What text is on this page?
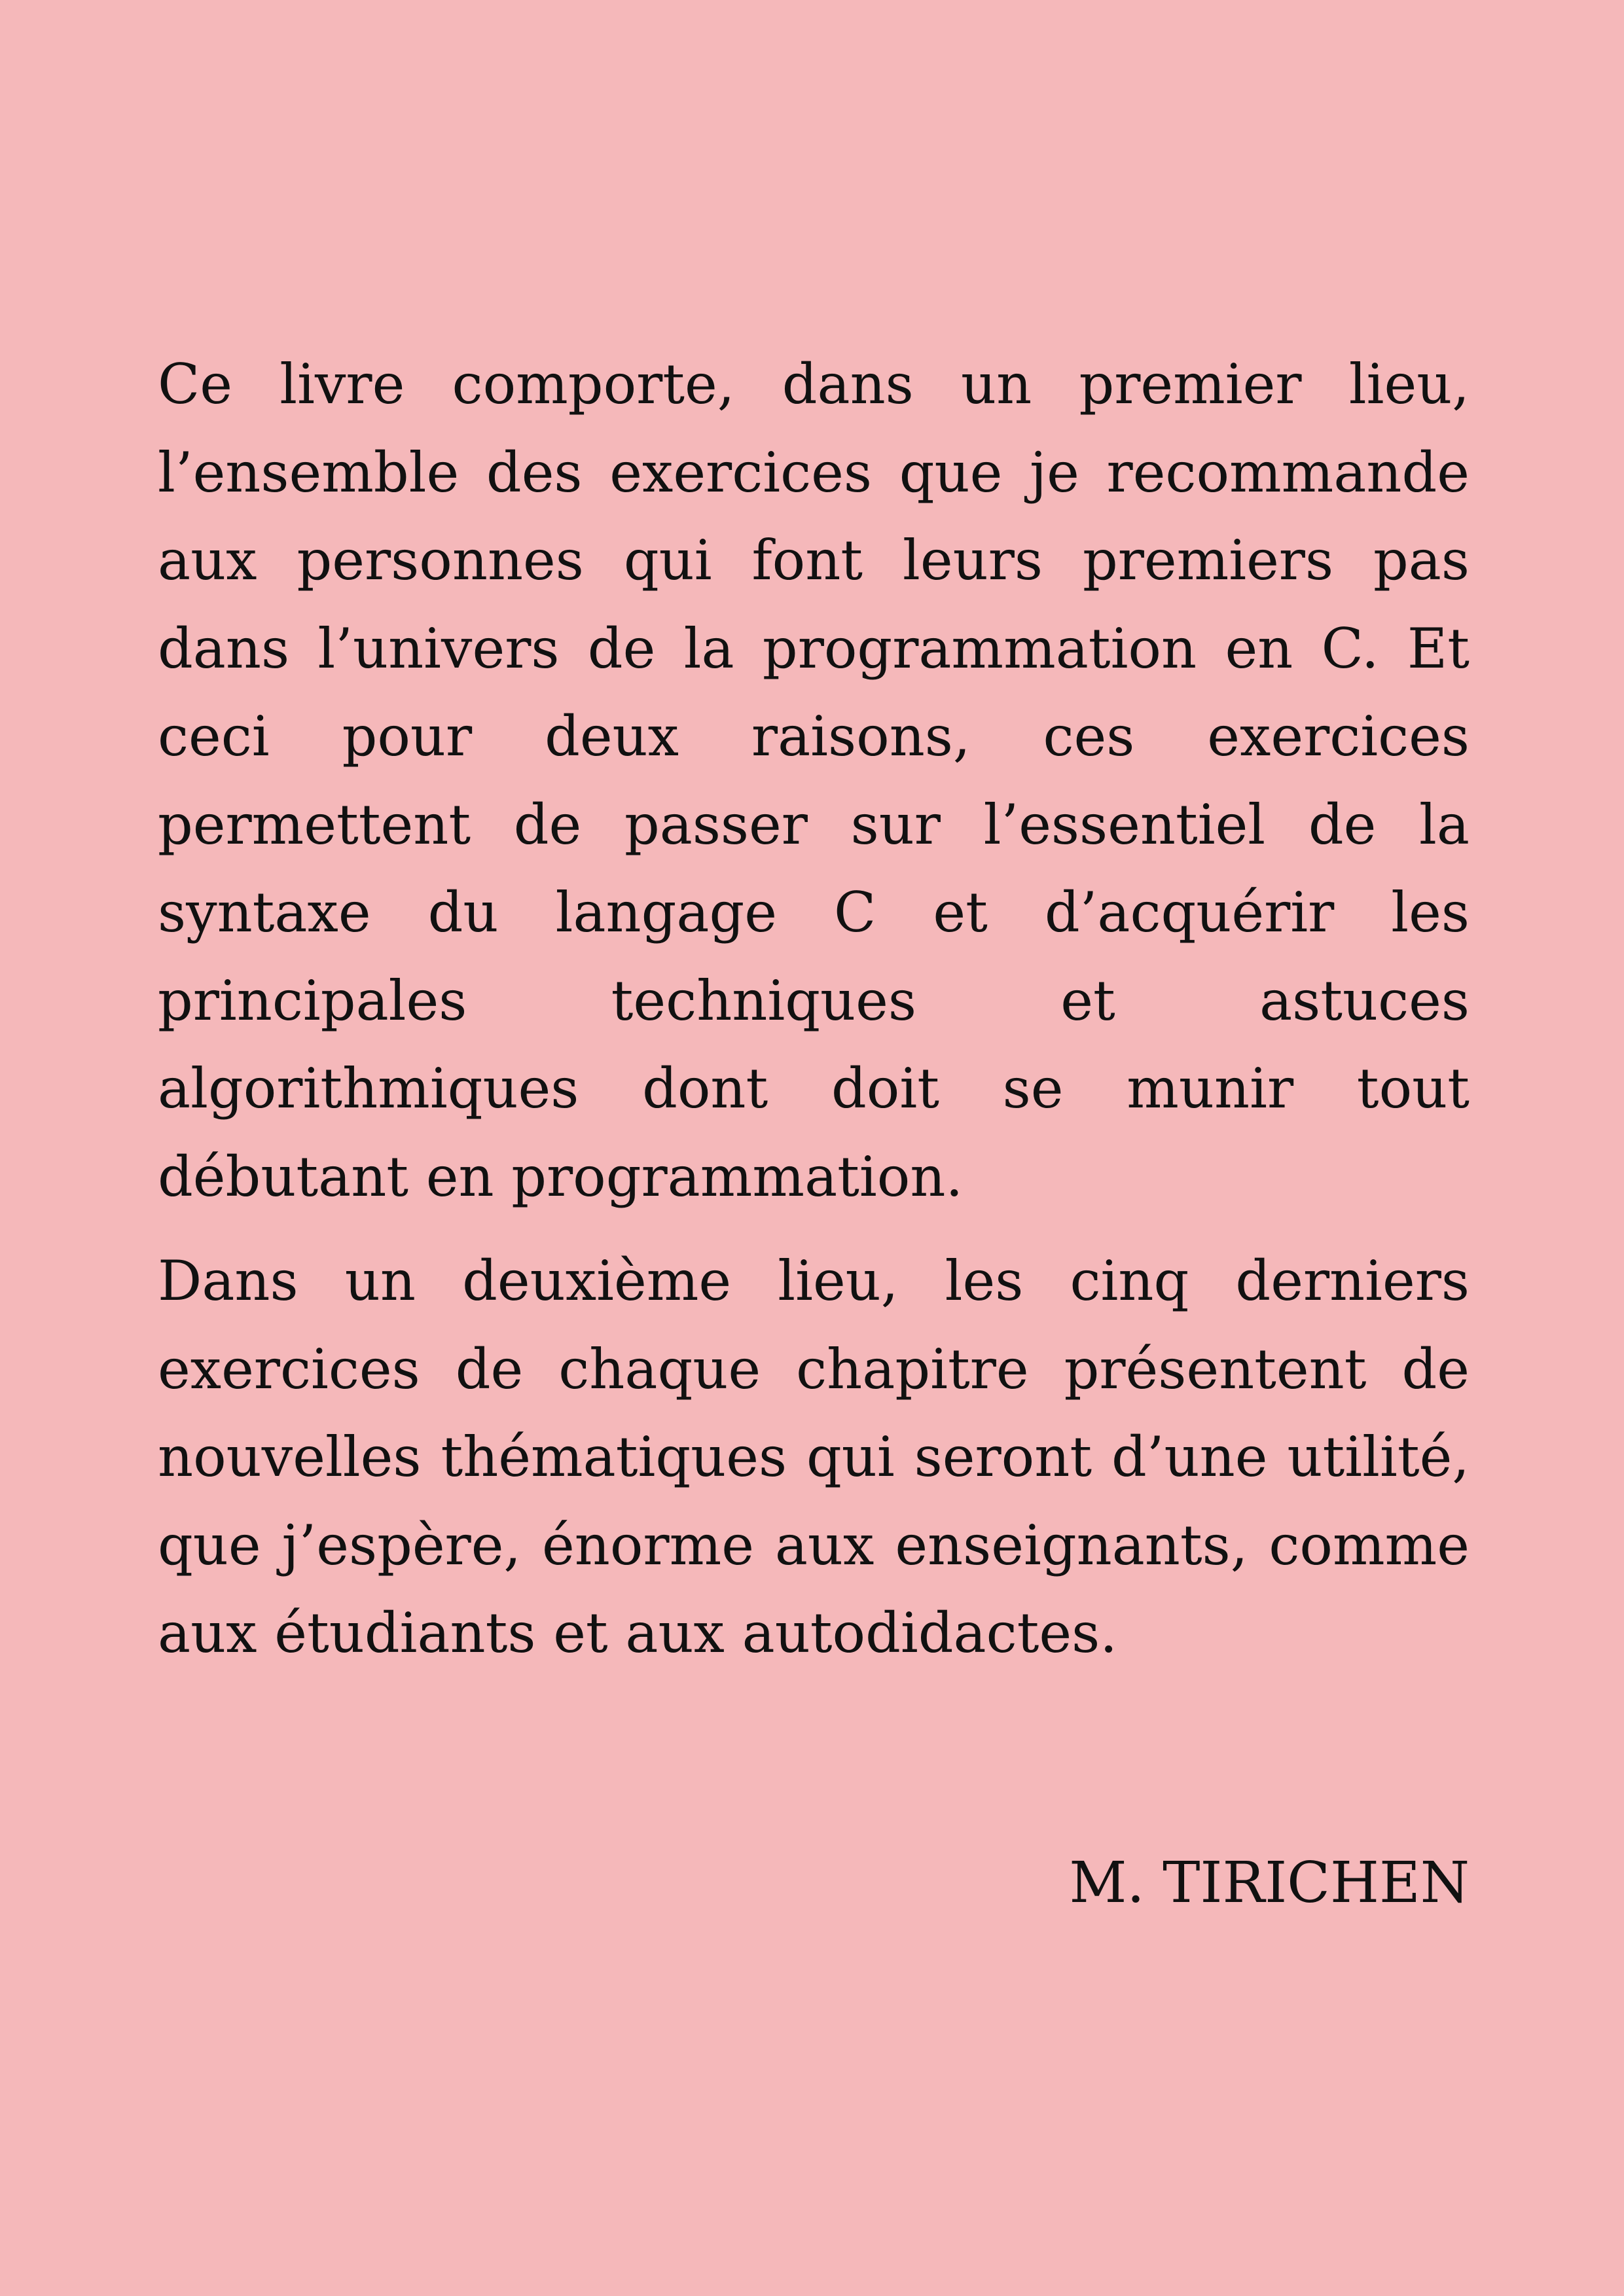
Ce livre comporte, dans un premier lieu,
l’ensemble des exercices que je recommande
aux personnes qui font leurs premiers pas
dans l’univers de la programmation en C. Et
ceci pour deux raisons, ces exercices
permettent de passer sur l’essentiel de la
syntaxe du langage C et d’acquérir les
principales techniques et astuces
algorithmiques dont doit se munir tout
débutant en programmation.
Dans un deuxième lieu, les cinq derniers
exercices de chaque chapitre présentent de
nouvelles thématiques qui seront d’une utilité,
que j’espère, énorme aux enseignants, comme
aux étudiants et aux autodidactes.
M. TIRICHEN
